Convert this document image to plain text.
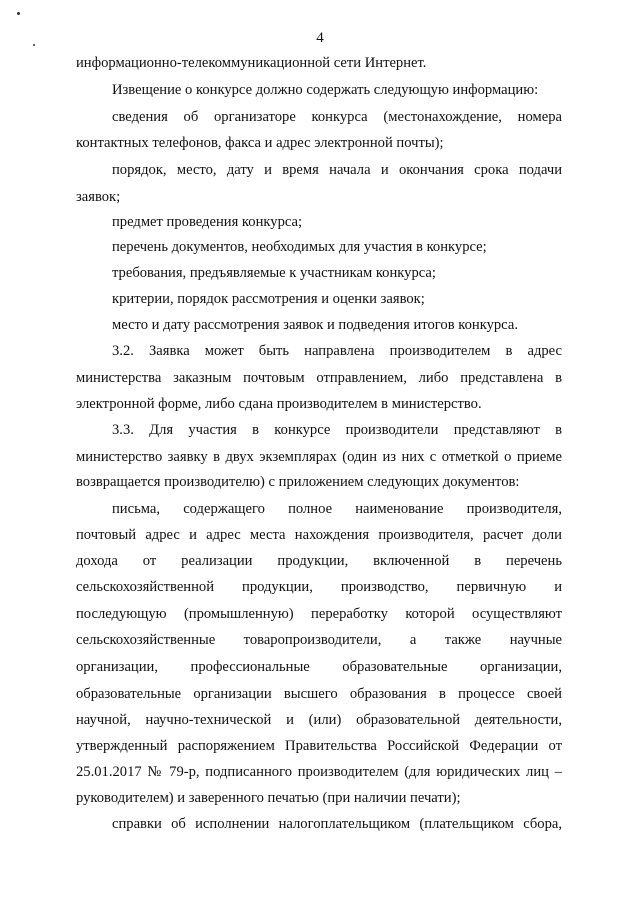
4
информационно-телекоммуникационной сети Интернет.
Извещение о конкурсе должно содержать следующую информацию:
сведения об организаторе конкурса (местонахождение, номера
контактных телефонов, факса и адрес электронной почты);
порядок, место, дату и время начала и окончания срока подачи
заявок;
предмет проведения конкурса;
перечень документов, необходимых для участия в конкурсе;
требования, предъявляемые к участникам конкурса;
критерии, порядок рассмотрения и оценки заявок;
место и дату рассмотрения заявок и подведения итогов конкурса.
3.2. Заявка может быть направлена производителем в адрес
министерства заказным почтовым отправлением, либо представлена в
электронной форме, либо сдана производителем в министерство.
3.3. Для участия в конкурсе производители представляют в
министерство заявку в двух экземплярах (один из них с отметкой о приеме
возвращается производителю) с приложением следующих документов:
письма, содержащего полное наименование производителя,
почтовый адрес и адрес места нахождения производителя, расчет доли
дохода от реализации продукции, включенной в перечень
сельскохозяйственной продукции, производство, первичную и
последующую (промышленную) переработку которой осуществляют
сельскохозяйственные товаропроизводители, а также научные
организации, профессиональные образовательные организации,
образовательные организации высшего образования в процессе своей
научной, научно-технической и (или) образовательной деятельности,
утвержденный распоряжением Правительства Российской Федерации от
25.01.2017 № 79-р, подписанного производителем (для юридических лиц –
руководителем) и заверенного печатью (при наличии печати);
справки об исполнении налогоплательщиком (плательщиком сбора,
